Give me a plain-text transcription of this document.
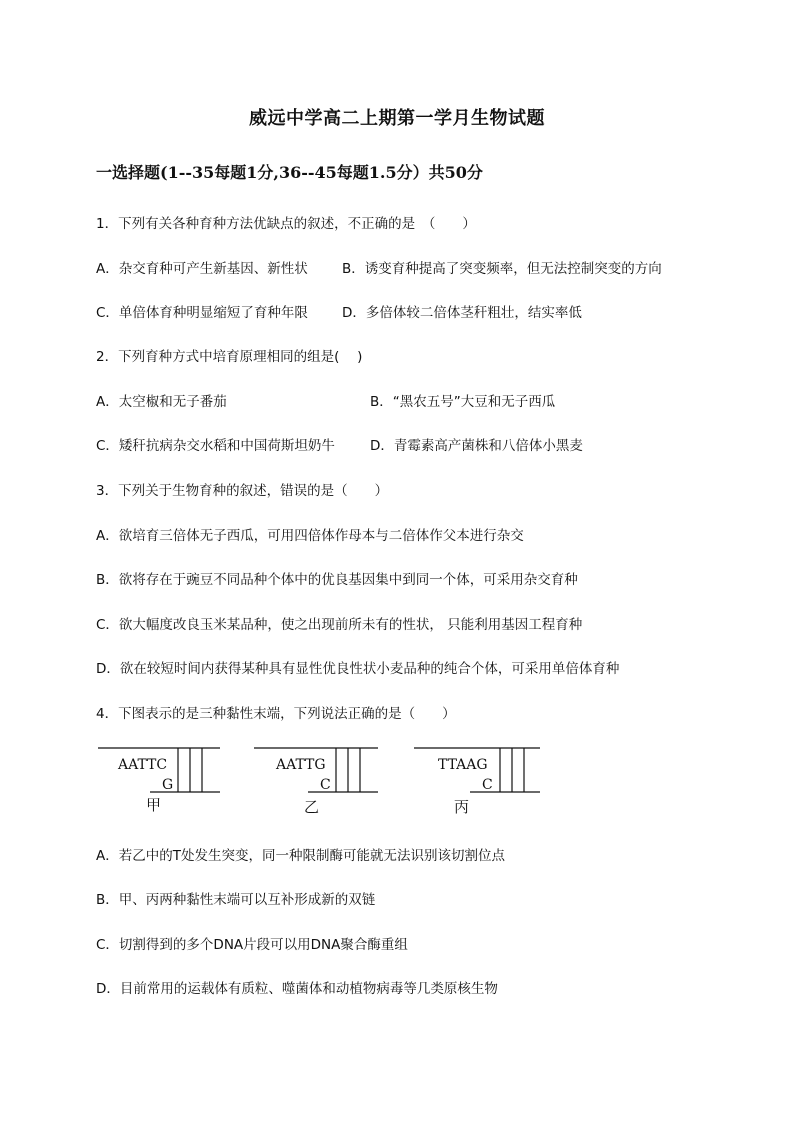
威远中学高二上期第一学月生物试题
一选择题(1--35每题1分,36--45每题1.5分）共50分
1．下列有关各种育种方法优缺点的叙述，不正确的是　（　　）
A．杂交育种可产生新基因、新性状	B．诱变育种提高了突变频率，但无法控制突变的方向
C．单倍体育种明显缩短了育种年限	D．多倍体较二倍体茎秆粗壮，结实率低
2．下列育种方式中培育原理相同的组是(　 )
A．太空椒和无子番茄	B．“黑农五号”大豆和无子西瓜
C．矮秆抗病杂交水稻和中国荷斯坦奶牛	D．青霉素高产菌株和八倍体小黑麦
3．下列关于生物育种的叙述，错误的是（　　）
A．欲培育三倍体无子西瓜，可用四倍体作母本与二倍体作父本进行杂交
B．欲将存在于豌豆不同品种个体中的优良基因集中到同一个体，可采用杂交育种
C．欲大幅度改良玉米某品种，使之出现前所未有的性状， 只能利用基因工程育种
D．欲在较短时间内获得某种具有显性优良性状小麦品种的纯合个体，可采用单倍体育种
4．下图表示的是三种黏性末端，下列说法正确的是（　　）
AATTC
G
甲
AATTG
C
乙
TTAAG
C
丙
A．若乙中的T处发生突变，同一种限制酶可能就无法识别该切割位点
B．甲、丙两种黏性末端可以互补形成新的双链
C．切割得到的多个DNA片段可以用DNA聚合酶重组
D．目前常用的运载体有质粒、噬菌体和动植物病毒等几类原核生物
